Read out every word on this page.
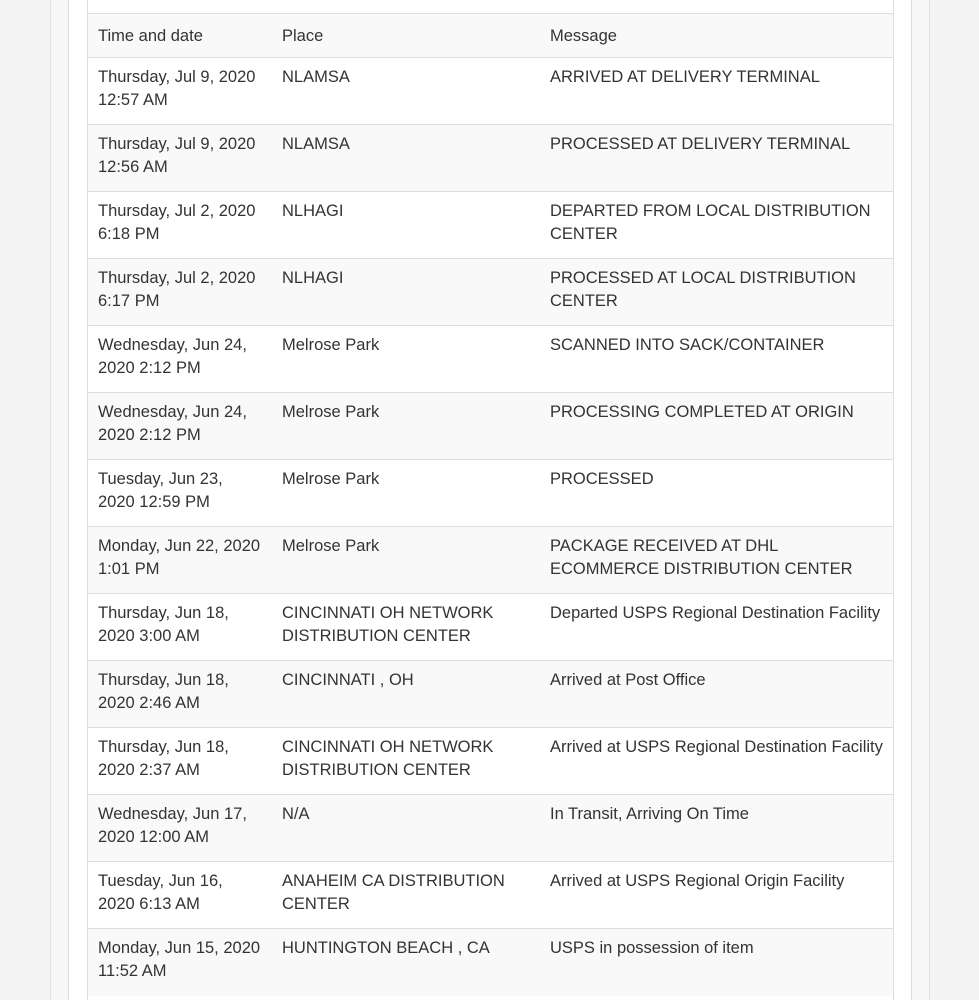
Time and date	Place	Message
Thursday, Jul 9, 2020 12:57 AM	NLAMSA	ARRIVED AT DELIVERY TERMINAL
Thursday, Jul 9, 2020 12:56 AM	NLAMSA	PROCESSED AT DELIVERY TERMINAL
Thursday, Jul 2, 2020 6:18 PM	NLHAGI	DEPARTED FROM LOCAL DISTRIBUTION CENTER
Thursday, Jul 2, 2020 6:17 PM	NLHAGI	PROCESSED AT LOCAL DISTRIBUTION CENTER
Wednesday, Jun 24, 2020 2:12 PM	Melrose Park	SCANNED INTO SACK/CONTAINER
Wednesday, Jun 24, 2020 2:12 PM	Melrose Park	PROCESSING COMPLETED AT ORIGIN
Tuesday, Jun 23, 2020 12:59 PM	Melrose Park	PROCESSED
Monday, Jun 22, 2020 1:01 PM	Melrose Park	PACKAGE RECEIVED AT DHL ECOMMERCE DISTRIBUTION CENTER
Thursday, Jun 18, 2020 3:00 AM	CINCINNATI OH NETWORK DISTRIBUTION CENTER	Departed USPS Regional Destination Facility
Thursday, Jun 18, 2020 2:46 AM	CINCINNATI , OH	Arrived at Post Office
Thursday, Jun 18, 2020 2:37 AM	CINCINNATI OH NETWORK DISTRIBUTION CENTER	Arrived at USPS Regional Destination Facility
Wednesday, Jun 17, 2020 12:00 AM	N/A	In Transit, Arriving On Time
Tuesday, Jun 16, 2020 6:13 AM	ANAHEIM CA DISTRIBUTION CENTER	Arrived at USPS Regional Origin Facility
Monday, Jun 15, 2020 11:52 AM	HUNTINGTON BEACH , CA	USPS in possession of item
